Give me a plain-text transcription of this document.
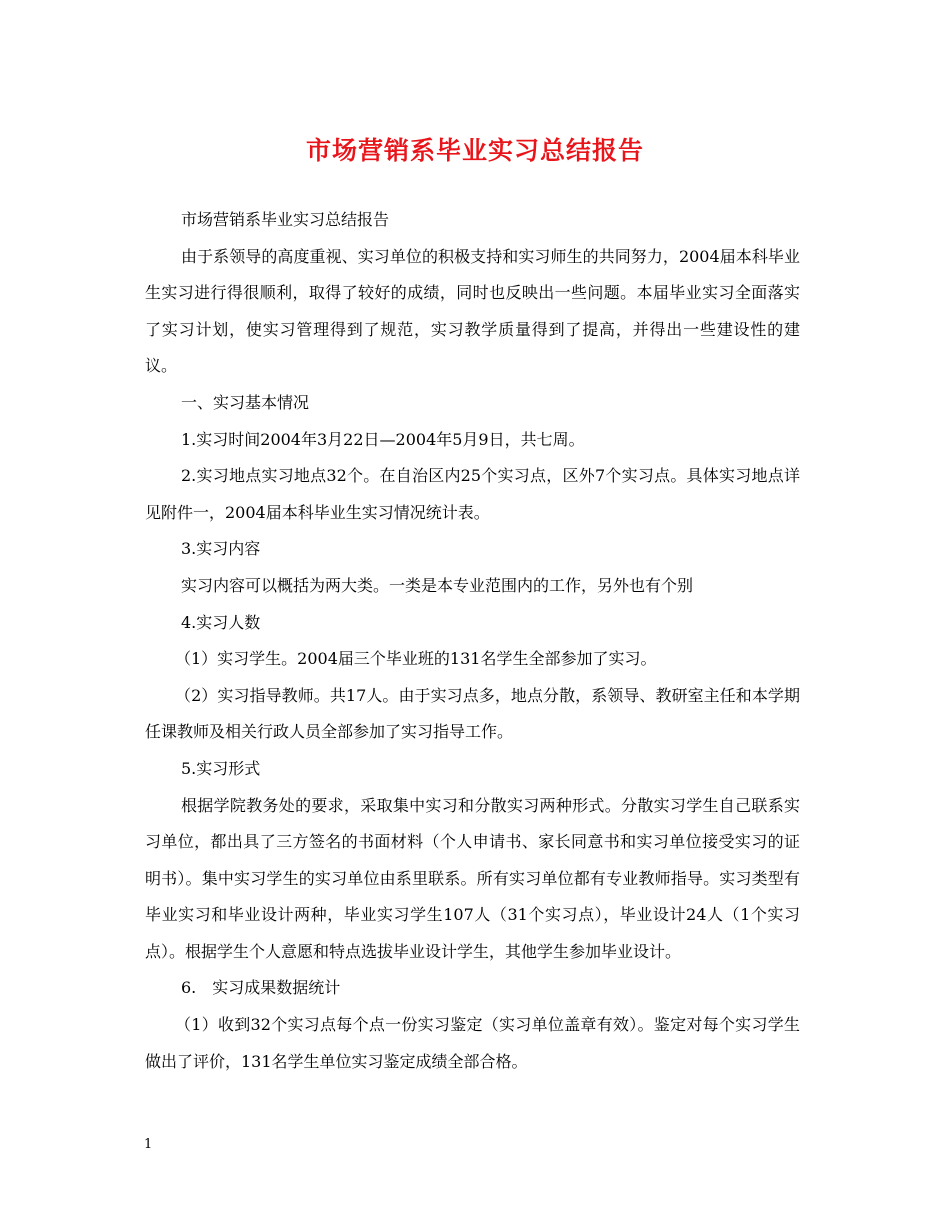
市场营销系毕业实习总结报告

市场营销系毕业实习总结报告

由于系领导的高度重视、实习单位的积极支持和实习师生的共同努力，2004届本科毕业生实习进行得很顺利，取得了较好的成绩，同时也反映出一些问题。本届毕业实习全面落实了实习计划，使实习管理得到了规范，实习教学质量得到了提高，并得出一些建设性的建议。

一、实习基本情况

1.实习时间2004年3月22日—2004年5月9日，共七周。

2.实习地点实习地点32个。在自治区内25个实习点，区外7个实习点。具体实习地点详见附件一，2004届本科毕业生实习情况统计表。

3.实习内容

实习内容可以概括为两大类。一类是本专业范围内的工作，另外也有个别

4.实习人数

（1）实习学生。2004届三个毕业班的131名学生全部参加了实习。

（2）实习指导教师。共17人。由于实习点多，地点分散，系领导、教研室主任和本学期任课教师及相关行政人员全部参加了实习指导工作。

5.实习形式

根据学院教务处的要求，采取集中实习和分散实习两种形式。分散实习学生自己联系实习单位，都出具了三方签名的书面材料（个人申请书、家长同意书和实习单位接受实习的证明书）。集中实习学生的实习单位由系里联系。所有实习单位都有专业教师指导。实习类型有毕业实习和毕业设计两种，毕业实习学生107人（31个实习点），毕业设计24人（1个实习点）。根据学生个人意愿和特点选拔毕业设计学生，其他学生参加毕业设计。

6.　实习成果数据统计

（1）收到32个实习点每个点一份实习鉴定（实习单位盖章有效）。鉴定对每个实习学生做出了评价，131名学生单位实习鉴定成绩全部合格。

1
